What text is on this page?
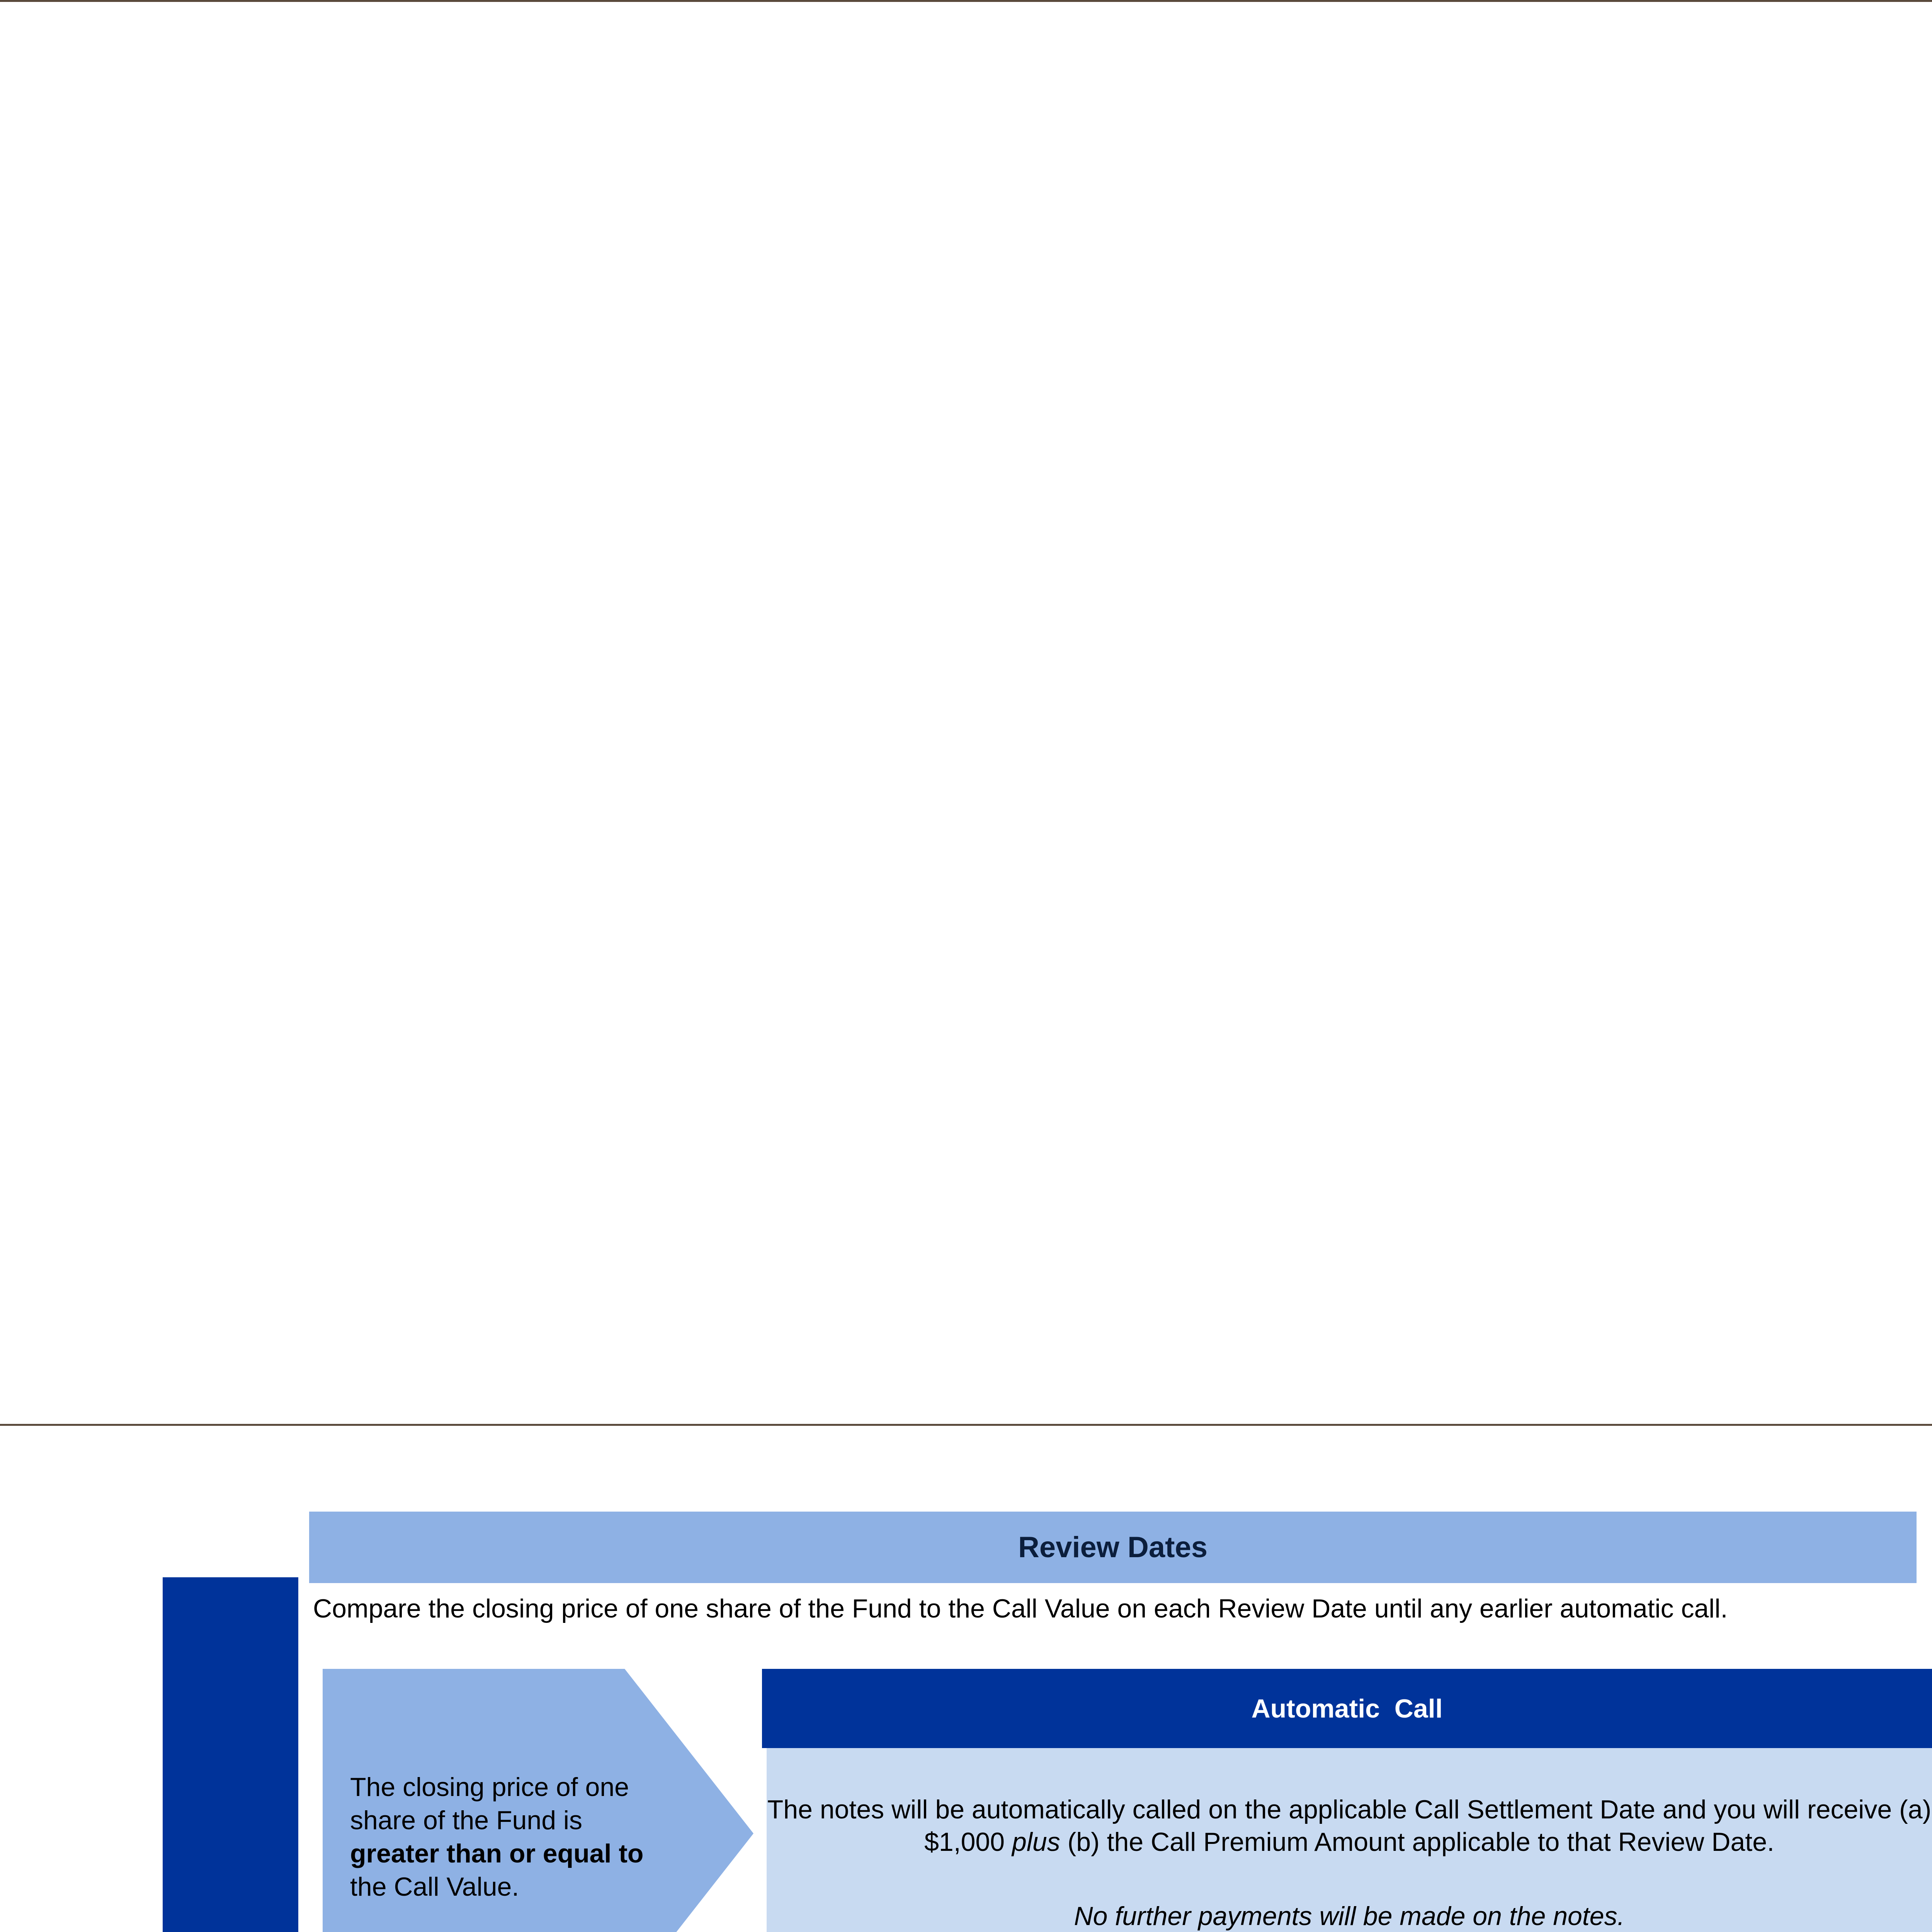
Review Dates
Compare the closing price of one share of the Fund to the Call Value on each Review Date until any earlier automatic call.

The closing price of one share of the Fund is greater than or equal to the Call Value.
Automatic  Call
The notes will be automatically called on the applicable Call Settlement Date and you will receive (a) $1,000 plus (b) the Call Premium Amount applicable to that Review Date.
No further payments will be made on the notes.
